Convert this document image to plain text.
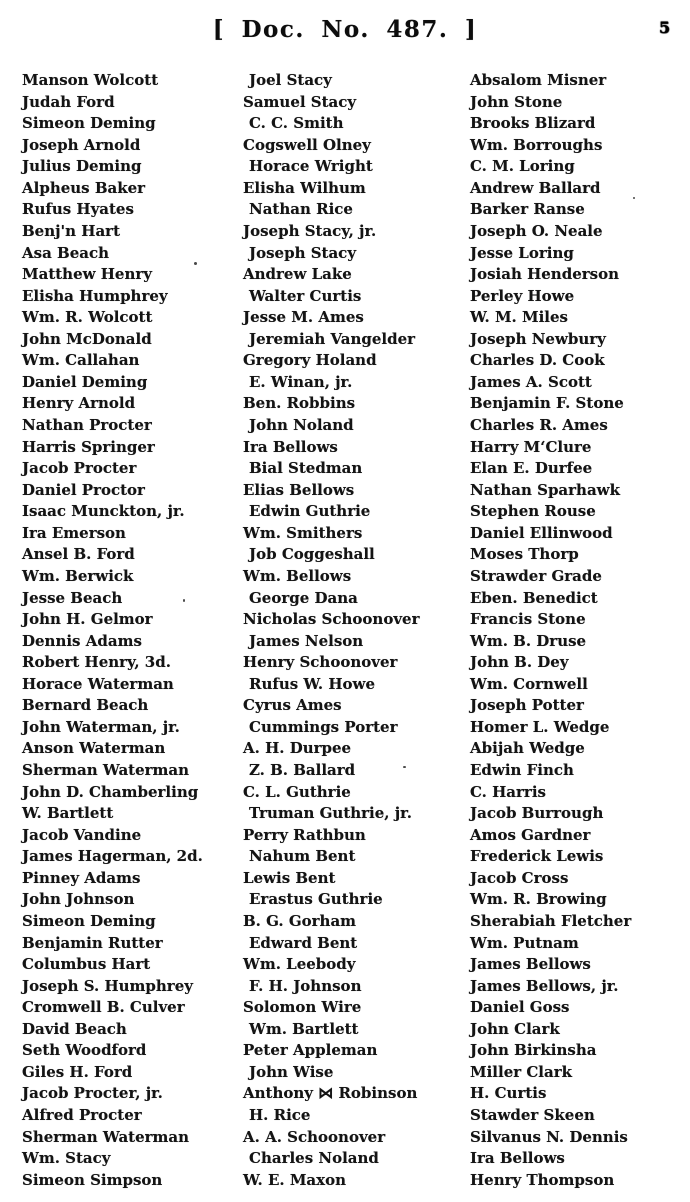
[ Doc. No. 487. ]	5
Manson Wolcott	Joel Stacy	Absalom Misner
Judah Ford	Samuel Stacy	John Stone
Simeon Deming	C. C. Smith	Brooks Blizard
Joseph Arnold	Cogswell Olney	Wm. Borroughs
Julius Deming	Horace Wright	C. M. Loring
Alpheus Baker	Elisha Wilhum	Andrew Ballard
Rufus Hyates	Nathan Rice	Barker Ranse
Benj'n Hart	Joseph Stacy, jr.	Joseph O. Neale
Asa Beach	Joseph Stacy	Jesse Loring
Matthew Henry	Andrew Lake	Josiah Henderson
Elisha Humphrey	Walter Curtis	Perley Howe
Wm. R. Wolcott	Jesse M. Ames	W. M. Miles
John McDonald	Jeremiah Vangelder	Joseph Newbury
Wm. Callahan	Gregory Holand	Charles D. Cook
Daniel Deming	E. Winan, jr.	James A. Scott
Henry Arnold	Ben. Robbins	Benjamin F. Stone
Nathan Procter	John Noland	Charles R. Ames
Harris Springer	Ira Bellows	Harry M‘Clure
Jacob Procter	Bial Stedman	Elan E. Durfee
Daniel Proctor	Elias Bellows	Nathan Sparhawk
Isaac Munckton, jr.	Edwin Guthrie	Stephen Rouse
Ira Emerson	Wm. Smithers	Daniel Ellinwood
Ansel B. Ford	Job Coggeshall	Moses Thorp
Wm. Berwick	Wm. Bellows	Strawder Grade
Jesse Beach	George Dana	Eben. Benedict
John H. Gelmor	Nicholas Schoonover	Francis Stone
Dennis Adams	James Nelson	Wm. B. Druse
Robert Henry, 3d.	Henry Schoonover	John B. Dey
Horace Waterman	Rufus W. Howe	Wm. Cornwell
Bernard Beach	Cyrus Ames	Joseph Potter
John Waterman, jr.	Cummings Porter	Homer L. Wedge
Anson Waterman	A. H. Durpee	Abijah Wedge
Sherman Waterman	Z. B. Ballard	Edwin Finch
John D. Chamberling	C. L. Guthrie	C. Harris
W. Bartlett	Truman Guthrie, jr.	Jacob Burrough
Jacob Vandine	Perry Rathbun	Amos Gardner
James Hagerman, 2d.	Nahum Bent	Frederick Lewis
Pinney Adams	Lewis Bent	Jacob Cross
John Johnson	Erastus Guthrie	Wm. R. Browing
Simeon Deming	B. G. Gorham	Sherabiah Fletcher
Benjamin Rutter	Edward Bent	Wm. Putnam
Columbus Hart	Wm. Leebody	James Bellows
Joseph S. Humphrey	F. H. Johnson	James Bellows, jr.
Cromwell B. Culver	Solomon Wire	Daniel Goss
David Beach	Wm. Bartlett	John Clark
Seth Woodford	Peter Appleman	John Birkinsha
Giles H. Ford	John Wise	Miller Clark
Jacob Procter, jr.	Anthony ⋈ Robinson	H. Curtis
Alfred Procter	H. Rice	Stawder Skeen
Sherman Waterman	A. A. Schoonover	Silvanus N. Dennis
Wm. Stacy	Charles Noland	Ira Bellows
Simeon Simpson	W. E. Maxon	Henry Thompson
